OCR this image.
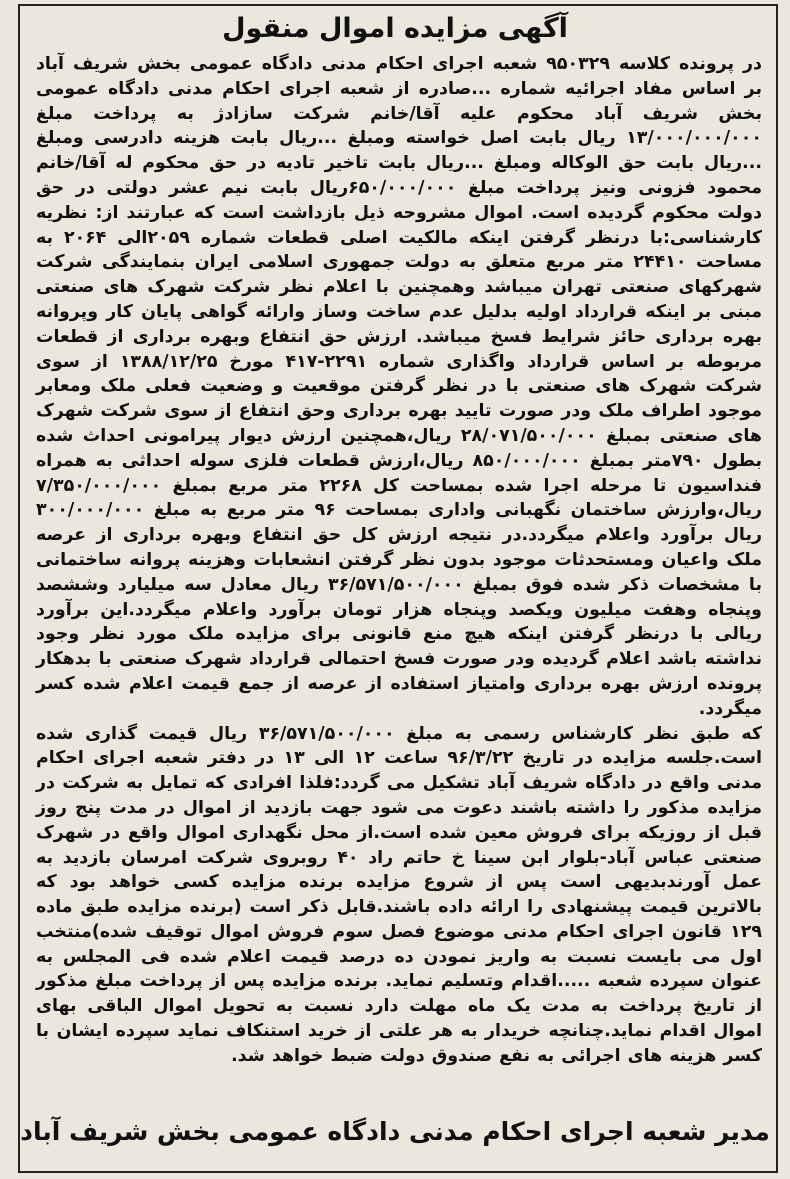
آگهی مزایده اموال منقول

در پرونده کلاسه ۹۵۰۳۲۹ شعبه اجرای احکام مدنی دادگاه عمومی بخش شریف آباد بر اساس مفاد اجرائیه شماره ...صادره از شعبه اجرای احکام مدنی دادگاه عمومی بخش شریف آباد محکوم علیه آقا/خانم شرکت سازادژ به پرداخت مبلغ ۱۳/۰۰۰/۰۰۰/۰۰۰ ریال بابت اصل خواسته ومبلغ ...ریال بابت هزینه دادرسی ومبلغ ...ریال بابت حق الوکاله ومبلغ ...ریال بابت تاخیر تادیه در حق محکوم له آقا/خانم محمود فزونی ونیز پرداخت مبلغ ۶۵۰/۰۰۰/۰۰۰ریال بابت نیم عشر دولتی در حق دولت محکوم گردیده است. اموال مشروحه ذیل بازداشت است که عبارتند از: نظریه کارشناسی:با درنظر گرفتن اینکه مالکیت اصلی قطعات شماره ۲۰۵۹الی ۲۰۶۴ به مساحت ۲۴۴۱۰ متر مربع متعلق به دولت جمهوری اسلامی ایران بنمایندگی شرکت شهرکهای صنعتی تهران میباشد وهمچنین با اعلام نظر شرکت شهرک های صنعتی مبنی بر اینکه قرارداد اولیه بدلیل عدم ساخت وساز وارائه گواهی پایان کار وپروانه بهره برداری حائز شرایط فسخ میباشد. ارزش حق انتفاع وبهره برداری از قطعات مربوطه بر اساس قرارداد واگذاری شماره ۲۲۹۱-۴۱۷ مورخ ۱۳۸۸/۱۲/۲۵ از سوی شرکت شهرک های صنعتی با در نظر گرفتن موقعیت و وضعیت فعلی ملک ومعابر موجود اطراف ملک ودر صورت تایید بهره برداری وحق انتفاع از سوی شرکت شهرک های صنعتی بمبلغ ۲۸/۰۷۱/۵۰۰/۰۰۰ ریال،همچنین ارزش دیوار پیرامونی احداث شده بطول ۷۹۰متر بمبلغ ۸۵۰/۰۰۰/۰۰۰ ریال،ارزش قطعات فلزی سوله احداثی به همراه فنداسیون تا مرحله اجرا شده بمساحت کل ۲۲۶۸ متر مربع بمبلغ ۷/۳۵۰/۰۰۰/۰۰۰ ریال،وارزش ساختمان نگهبانی واداری بمساحت ۹۶ متر مربع به مبلغ ۳۰۰/۰۰۰/۰۰۰ ریال برآورد واعلام میگردد.در نتیجه ارزش کل حق انتفاع وبهره برداری از عرصه ملک واعیان ومستحدثات موجود بدون نظر گرفتن انشعابات وهزینه پروانه ساختمانی با مشخصات ذکر شده فوق بمبلغ ۳۶/۵۷۱/۵۰۰/۰۰۰ ریال معادل سه میلیارد وششصد وپنجاه وهفت میلیون ویکصد وپنجاه هزار تومان برآورد واعلام میگردد.این برآورد ریالی با درنظر گرفتن اینکه هیچ منع قانونی برای مزایده ملک مورد نظر وجود نداشته باشد اعلام گردیده ودر صورت فسخ احتمالی قرارداد شهرک صنعتی با بدهکار پرونده ارزش بهره برداری وامتیاز استفاده از عرصه از جمع قیمت اعلام شده کسر میگردد.

که طبق نظر کارشناس رسمی به مبلغ ۳۶/۵۷۱/۵۰۰/۰۰۰ ریال قیمت گذاری شده است.جلسه مزایده در تاریخ ۹۶/۳/۲۲ ساعت ۱۲ الی ۱۳ در دفتر شعبه اجرای احکام مدنی واقع در دادگاه شریف آباد تشکیل می گردد:فلذا افرادی که تمایل به شرکت در مزایده مذکور را داشته باشند دعوت می شود جهت بازدید از اموال در مدت پنج روز قبل از روزیکه برای فروش معین شده است.از محل نگهداری اموال واقع در شهرک صنعتی عباس آباد-بلوار ابن سینا خ حاتم راد ۴۰ روبروی شرکت امرسان بازدید به عمل آورندبدیهی است پس از شروع مزایده برنده مزایده کسی خواهد بود که بالاترین قیمت پیشنهادی را ارائه داده باشند.قابل ذکر است (برنده مزایده طبق ماده ۱۲۹ قانون اجرای احکام مدنی موضوع فصل سوم فروش اموال توقیف شده)منتخب اول می بایست نسبت به واریز نمودن ده درصد قیمت اعلام شده فی المجلس به عنوان سپرده شعبه .....اقدام وتسلیم نماید. برنده مزایده پس از پرداخت مبلغ مذکور از تاریخ پرداخت به مدت یک ماه مهلت دارد نسبت به تحویل اموال الباقی بهای اموال اقدام نماید.چنانچه خریدار به هر علتی از خرید استنکاف نماید سپرده ایشان با کسر هزینه های اجرائی به نفع صندوق دولت ضبط خواهد شد.

مدیر شعبه اجرای احکام مدنی دادگاه عمومی بخش شریف آباد
